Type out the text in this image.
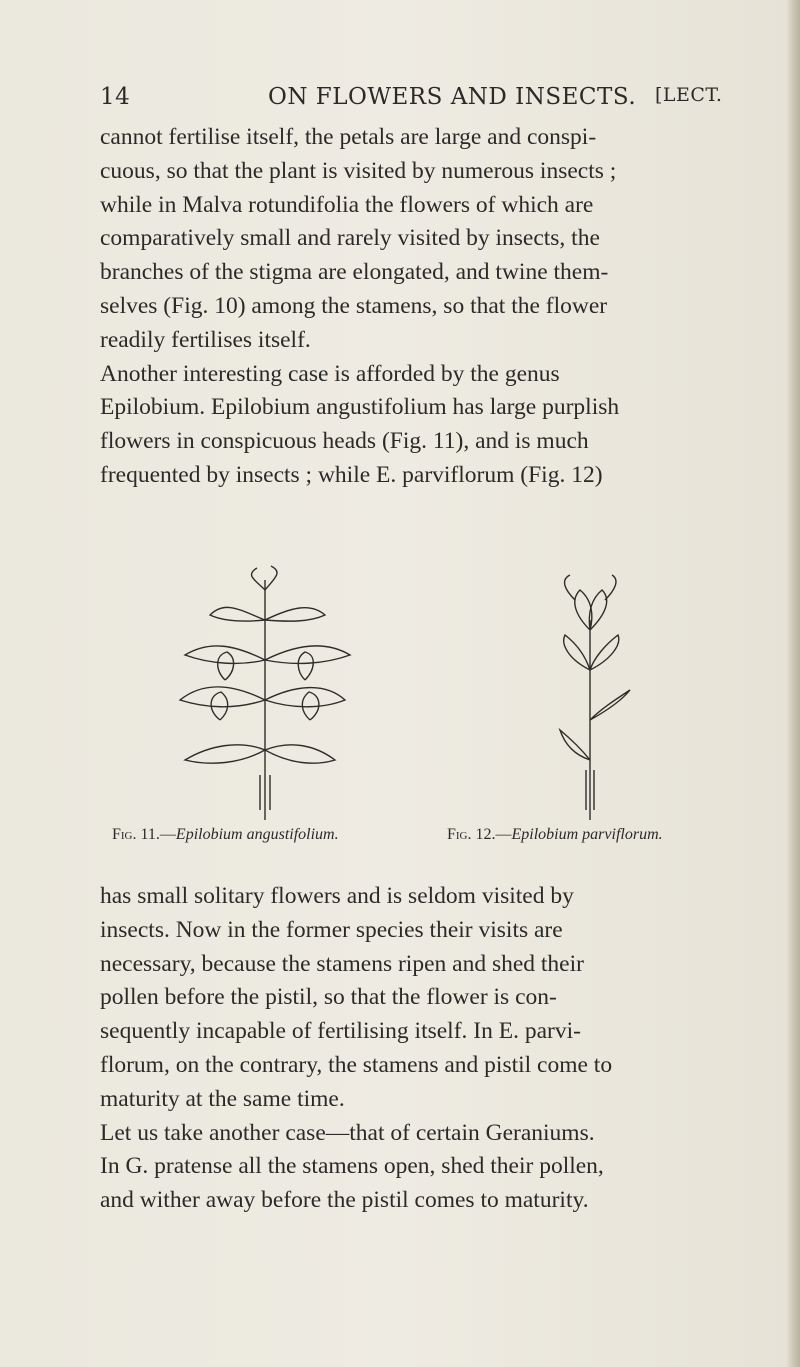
14	ON FLOWERS AND INSECTS. [LECT.

cannot fertilise itself, the petals are large and conspi-
cuous, so that the plant is visited by numerous insects ;
while in Malva rotundifolia the flowers of which are
comparatively small and rarely visited by insects, the
branches of the stigma are elongated, and twine them-
selves (Fig. 10) among the stamens, so that the flower
readily fertilises itself.
Another interesting case is afforded by the genus
Epilobium. Epilobium angustifolium has large purplish
flowers in conspicuous heads (Fig. 11), and is much
frequented by insects ; while E. parviflorum (Fig. 12)

Fig. 11.—Epilobium angustifolium.	Fig. 12.—Epilobium parviflorum.

has small solitary flowers and is seldom visited by
insects. Now in the former species their visits are
necessary, because the stamens ripen and shed their
pollen before the pistil, so that the flower is con-
sequently incapable of fertilising itself. In E. parvi-
florum, on the contrary, the stamens and pistil come to
maturity at the same time.
Let us take another case—that of certain Geraniums.
In G. pratense all the stamens open, shed their pollen,
and wither away before the pistil comes to maturity.
